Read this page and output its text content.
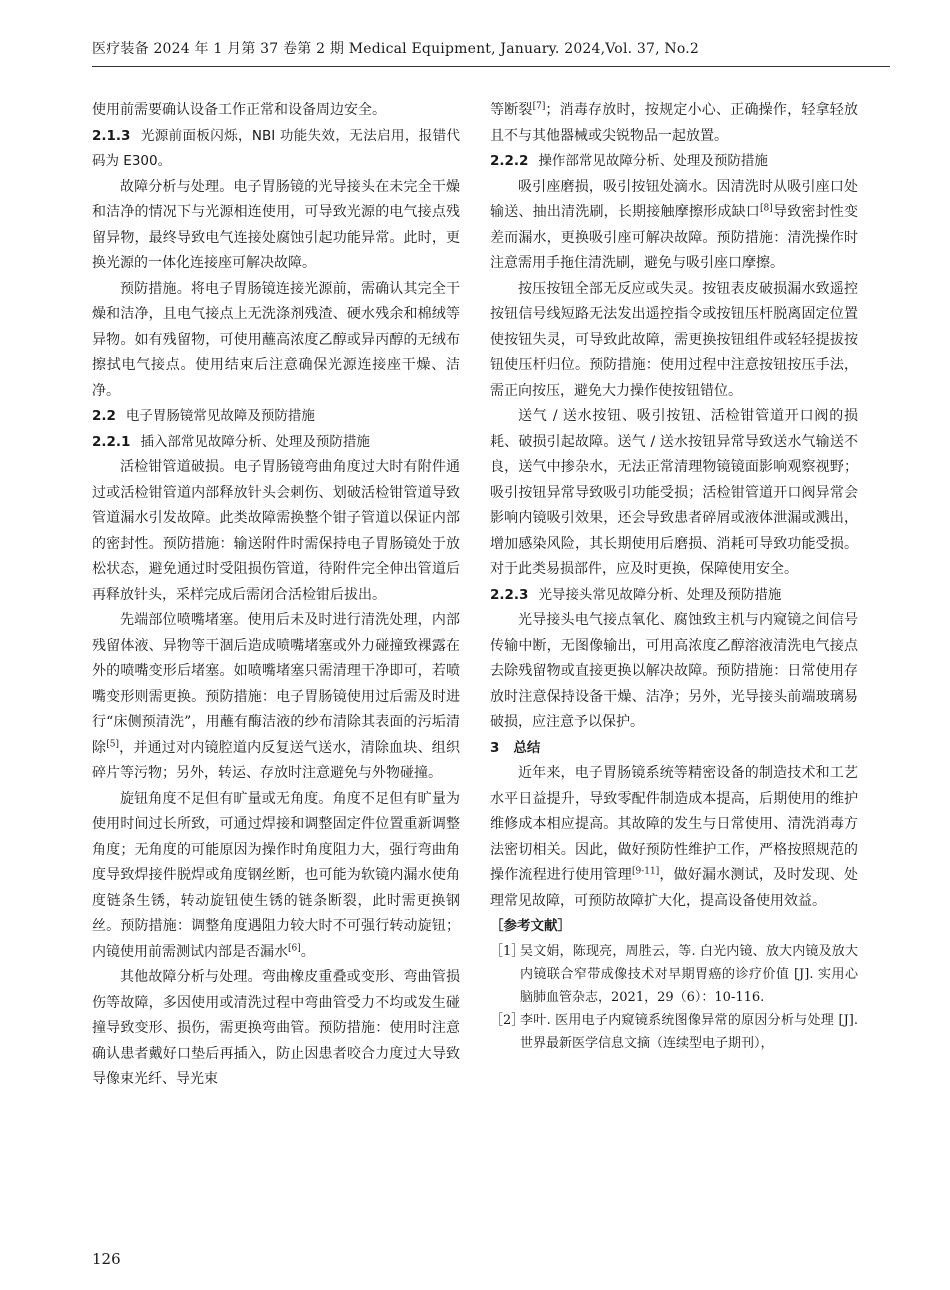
医疗装备 2024 年 1 月第 37 卷第 2 期 Medical Equipment, January. 2024,Vol. 37, No.2

使用前需要确认设备工作正常和设备周边安全。

2.1.3 光源前面板闪烁，NBI 功能失效，无法启用，报错代码为 E300。

故障分析与处理。电子胃肠镜的光导接头在未完全干燥和洁净的情况下与光源相连使用，可导致光源的电气接点残留异物，最终导致电气连接处腐蚀引起功能异常。此时，更换光源的一体化连接座可解决故障。

预防措施。将电子胃肠镜连接光源前，需确认其完全干燥和洁净，且电气接点上无洗涤剂残渣、硬水残余和棉绒等异物。如有残留物，可使用蘸高浓度乙醇或异丙醇的无绒布擦拭电气接点。使用结束后注意确保光源连接座干燥、洁净。

2.2 电子胃肠镜常见故障及预防措施

2.2.1 插入部常见故障分析、处理及预防措施

活检钳管道破损。电子胃肠镜弯曲角度过大时有附件通过或活检钳管道内部释放针头会刺伤、划破活检钳管道导致管道漏水引发故障。此类故障需换整个钳子管道以保证内部的密封性。预防措施：输送附件时需保持电子胃肠镜处于放松状态，避免通过时受阻损伤管道，待附件完全伸出管道后再释放针头，采样完成后需闭合活检钳后拔出。

先端部位喷嘴堵塞。使用后未及时进行清洗处理，内部残留体液、异物等干涸后造成喷嘴堵塞或外力碰撞致裸露在外的喷嘴变形后堵塞。如喷嘴堵塞只需清理干净即可，若喷嘴变形则需更换。预防措施：电子胃肠镜使用过后需及时进行“床侧预清洗”，用蘸有酶洁液的纱布清除其表面的污垢清除[5]，并通过对内镜腔道内反复送气送水，清除血块、组织碎片等污物；另外，转运、存放时注意避免与外物碰撞。

旋钮角度不足但有旷量或无角度。角度不足但有旷量为使用时间过长所致，可通过焊接和调整固定件位置重新调整角度；无角度的可能原因为操作时角度阻力大，强行弯曲角度导致焊接件脱焊或角度钢丝断，也可能为软镜内漏水使角度链条生锈，转动旋钮使生锈的链条断裂，此时需更换钢丝。预防措施：调整角度遇阻力较大时不可强行转动旋钮；内镜使用前需测试内部是否漏水[6]。

其他故障分析与处理。弯曲橡皮重叠或变形、弯曲管损伤等故障，多因使用或清洗过程中弯曲管受力不均或发生碰撞导致变形、损伤，需更换弯曲管。预防措施：使用时注意确认患者戴好口垫后再插入，防止因患者咬合力度过大导致导像束光纤、导光束

等断裂[7]；消毒存放时，按规定小心、正确操作，轻拿轻放且不与其他器械或尖锐物品一起放置。

2.2.2 操作部常见故障分析、处理及预防措施

吸引座磨损，吸引按钮处滴水。因清洗时从吸引座口处输送、抽出清洗刷，长期接触摩擦形成缺口[8]导致密封性变差而漏水，更换吸引座可解决故障。预防措施：清洗操作时注意需用手拖住清洗刷，避免与吸引座口摩擦。

按压按钮全部无反应或失灵。按钮表皮破损漏水致遥控按钮信号线短路无法发出遥控指令或按钮压杆脱离固定位置使按钮失灵，可导致此故障，需更换按钮组件或轻轻提拔按钮使压杆归位。预防措施：使用过程中注意按钮按压手法，需正向按压，避免大力操作使按钮错位。

送气 / 送水按钮、吸引按钮、活检钳管道开口阀的损耗、破损引起故障。送气 / 送水按钮异常导致送水气输送不良，送气中掺杂水，无法正常清理物镜镜面影响观察视野；吸引按钮异常导致吸引功能受损；活检钳管道开口阀异常会影响内镜吸引效果，还会导致患者碎屑或液体泄漏或溅出，增加感染风险，其长期使用后磨损、消耗可导致功能受损。对于此类易损部件，应及时更换，保障使用安全。

2.2.3 光导接头常见故障分析、处理及预防措施

光导接头电气接点氧化、腐蚀致主机与内窥镜之间信号传输中断，无图像输出，可用高浓度乙醇溶液清洗电气接点去除残留物或直接更换以解决故障。预防措施：日常使用存放时注意保持设备干燥、洁净；另外，光导接头前端玻璃易破损，应注意予以保护。

3 总结

近年来，电子胃肠镜系统等精密设备的制造技术和工艺水平日益提升，导致零配件制造成本提高，后期使用的维护维修成本相应提高。其故障的发生与日常使用、清洗消毒方法密切相关。因此，做好预防性维护工作，严格按照规范的操作流程进行使用管理[9-11]，做好漏水测试，及时发现、处理常见故障，可预防故障扩大化，提高设备使用效益。

［参考文献］

［1］
吴文娟，陈现亮，周胜云，等. 白光内镜、放大内镜及放大内镜联合窄带成像技术对早期胃癌的诊疗价值 [J]. 实用心脑肺血管杂志，2021，29（6）：10-116.
［2］
李叶. 医用电子内窥镜系统图像异常的原因分析与处理 [J]. 世界最新医学信息文摘（连续型电子期刊），
126
